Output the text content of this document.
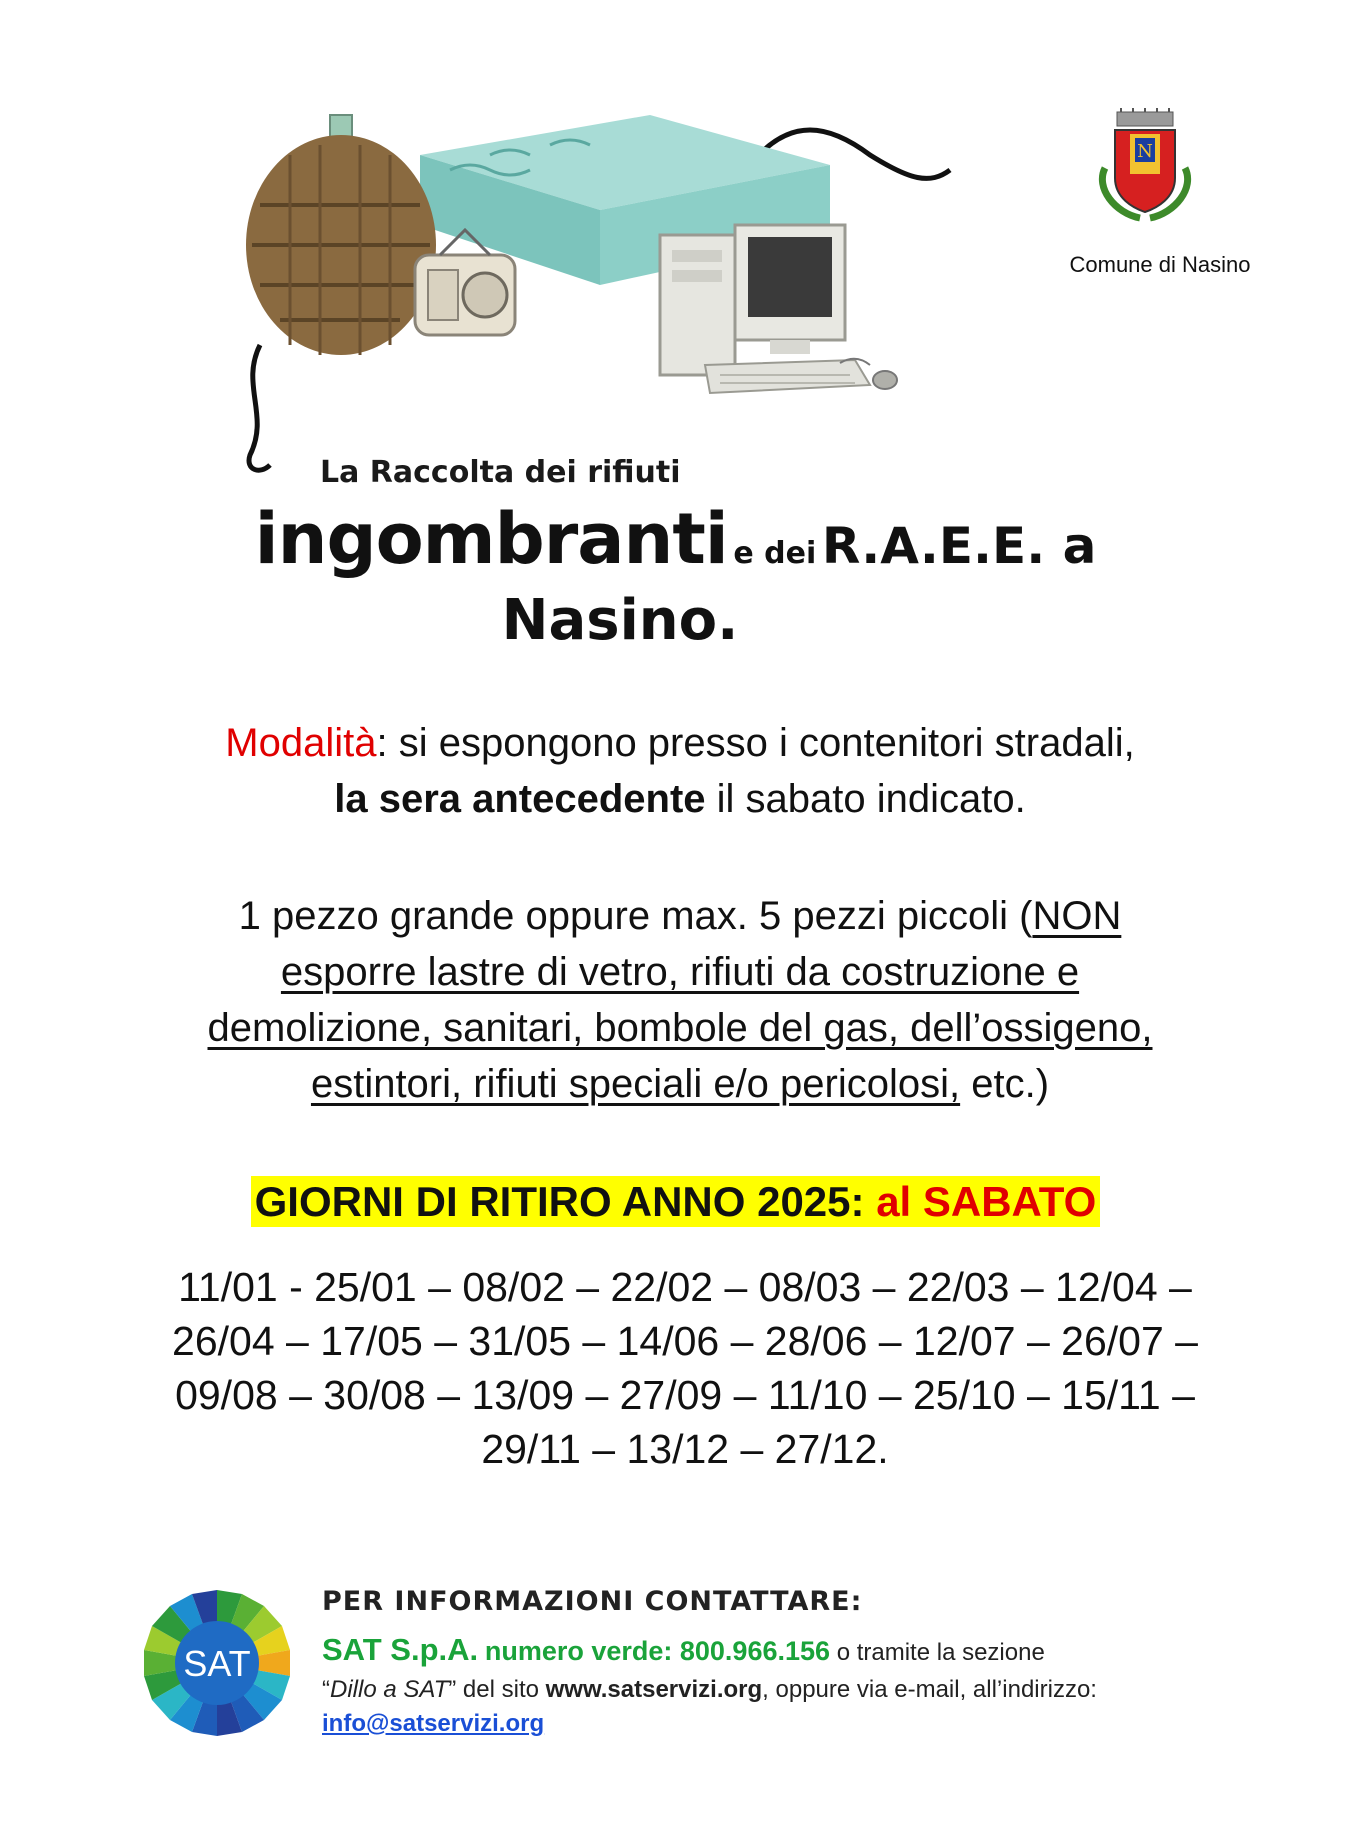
N
Comune di Nasino
La Raccolta dei rifiuti
ingombranti e dei R.A.E.E. a
Nasino.
Modalità: si espongono presso i contenitori stradali,
la sera antecedente il sabato indicato.
1 pezzo grande oppure max. 5 pezzi piccoli (NON
esporre lastre di vetro, rifiuti da costruzione e
demolizione, sanitari, bombole del gas, dell’ossigeno,
estintori, rifiuti speciali e/o pericolosi, etc.)
GIORNI DI RITIRO ANNO 2025: al SABATO
11/01 - 25/01 – 08/02 – 22/02 – 08/03 – 22/03 – 12/04 –
26/04 – 17/05 – 31/05 – 14/06 – 28/06 – 12/07 – 26/07 –
09/08 – 30/08 – 13/09 – 27/09 – 11/10 – 25/10 – 15/11 –
29/11 – 13/12 – 27/12.
SAT
PER INFORMAZIONI CONTATTARE:
SAT S.p.A. numero verde: 800.966.156 o tramite la sezione
“Dillo a SAT” del sito www.satservizi.org, oppure via e-mail, all’indirizzo:
info@satservizi.org
